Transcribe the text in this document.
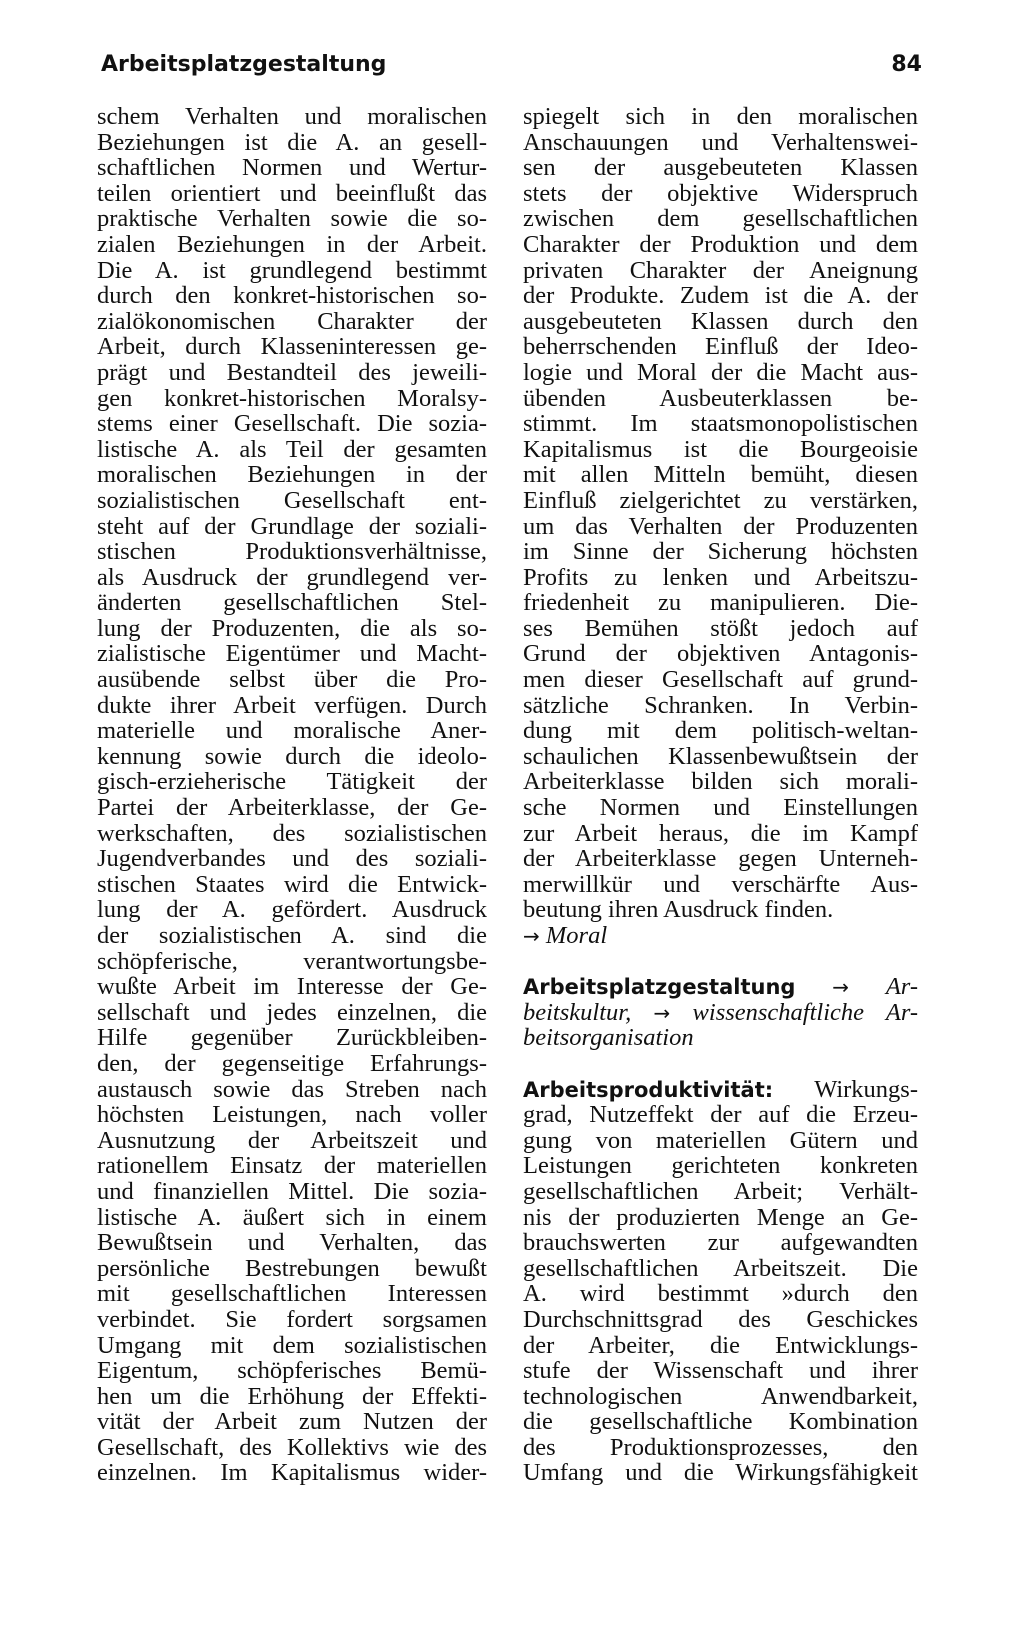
Arbeitsplatzgestaltung	84
schem Verhalten und moralischen
Beziehungen ist die A. an gesell-
schaftlichen Normen und Wertur-
teilen orientiert und beeinflußt das
praktische Verhalten sowie die so-
zialen Beziehungen in der Arbeit.
Die A. ist grundlegend bestimmt
durch den konkret-historischen so-
zialökonomischen Charakter der
Arbeit, durch Klasseninteressen ge-
prägt und Bestandteil des jeweili-
gen konkret-historischen Moralsy-
stems einer Gesellschaft. Die sozia-
listische A. als Teil der gesamten
moralischen Beziehungen in der
sozialistischen Gesellschaft ent-
steht auf der Grundlage der soziali-
stischen Produktionsverhältnisse,
als Ausdruck der grundlegend ver-
änderten gesellschaftlichen Stel-
lung der Produzenten, die als so-
zialistische Eigentümer und Macht-
ausübende selbst über die Pro-
dukte ihrer Arbeit verfügen. Durch
materielle und moralische Aner-
kennung sowie durch die ideolo-
gisch-erzieherische Tätigkeit der
Partei der Arbeiterklasse, der Ge-
werkschaften, des sozialistischen
Jugendverbandes und des soziali-
stischen Staates wird die Entwick-
lung der A. gefördert. Ausdruck
der sozialistischen A. sind die
schöpferische, verantwortungsbe-
wußte Arbeit im Interesse der Ge-
sellschaft und jedes einzelnen, die
Hilfe gegenüber Zurückbleiben-
den, der gegenseitige Erfahrungs-
austausch sowie das Streben nach
höchsten Leistungen, nach voller
Ausnutzung der Arbeitszeit und
rationellem Einsatz der materiellen
und finanziellen Mittel. Die sozia-
listische A. äußert sich in einem
Bewußtsein und Verhalten, das
persönliche Bestrebungen bewußt
mit gesellschaftlichen Interessen
verbindet. Sie fordert sorgsamen
Umgang mit dem sozialistischen
Eigentum, schöpferisches Bemü-
hen um die Erhöhung der Effekti-
vität der Arbeit zum Nutzen der
Gesellschaft, des Kollektivs wie des
einzelnen. Im Kapitalismus wider-
spiegelt sich in den moralischen
Anschauungen und Verhaltenswei-
sen der ausgebeuteten Klassen
stets der objektive Widerspruch
zwischen dem gesellschaftlichen
Charakter der Produktion und dem
privaten Charakter der Aneignung
der Produkte. Zudem ist die A. der
ausgebeuteten Klassen durch den
beherrschenden Einfluß der Ideo-
logie und Moral der die Macht aus-
übenden Ausbeuterklassen be-
stimmt. Im staatsmonopolistischen
Kapitalismus ist die Bourgeoisie
mit allen Mitteln bemüht, diesen
Einfluß zielgerichtet zu verstärken,
um das Verhalten der Produzenten
im Sinne der Sicherung höchsten
Profits zu lenken und Arbeitszu-
friedenheit zu manipulieren. Die-
ses Bemühen stößt jedoch auf
Grund der objektiven Antagonis-
men dieser Gesellschaft auf grund-
sätzliche Schranken. In Verbin-
dung mit dem politisch-weltan-
schaulichen Klassenbewußtsein der
Arbeiterklasse bilden sich morali-
sche Normen und Einstellungen
zur Arbeit heraus, die im Kampf
der Arbeiterklasse gegen Unterneh-
merwillkür und verschärfte Aus-
beutung ihren Ausdruck finden.
→ Moral
Arbeitsplatzgestaltung → Ar-
beitskultur, → wissenschaftliche Ar-
beitsorganisation
Arbeitsproduktivität: Wirkungs-
grad, Nutzeffekt der auf die Erzeu-
gung von materiellen Gütern und
Leistungen gerichteten konkreten
gesellschaftlichen Arbeit; Verhält-
nis der produzierten Menge an Ge-
brauchswerten zur aufgewandten
gesellschaftlichen Arbeitszeit. Die
A. wird bestimmt »durch den
Durchschnittsgrad des Geschickes
der Arbeiter, die Entwicklungs-
stufe der Wissenschaft und ihrer
technologischen Anwendbarkeit,
die gesellschaftliche Kombination
des Produktionsprozesses, den
Umfang und die Wirkungsfähigkeit
